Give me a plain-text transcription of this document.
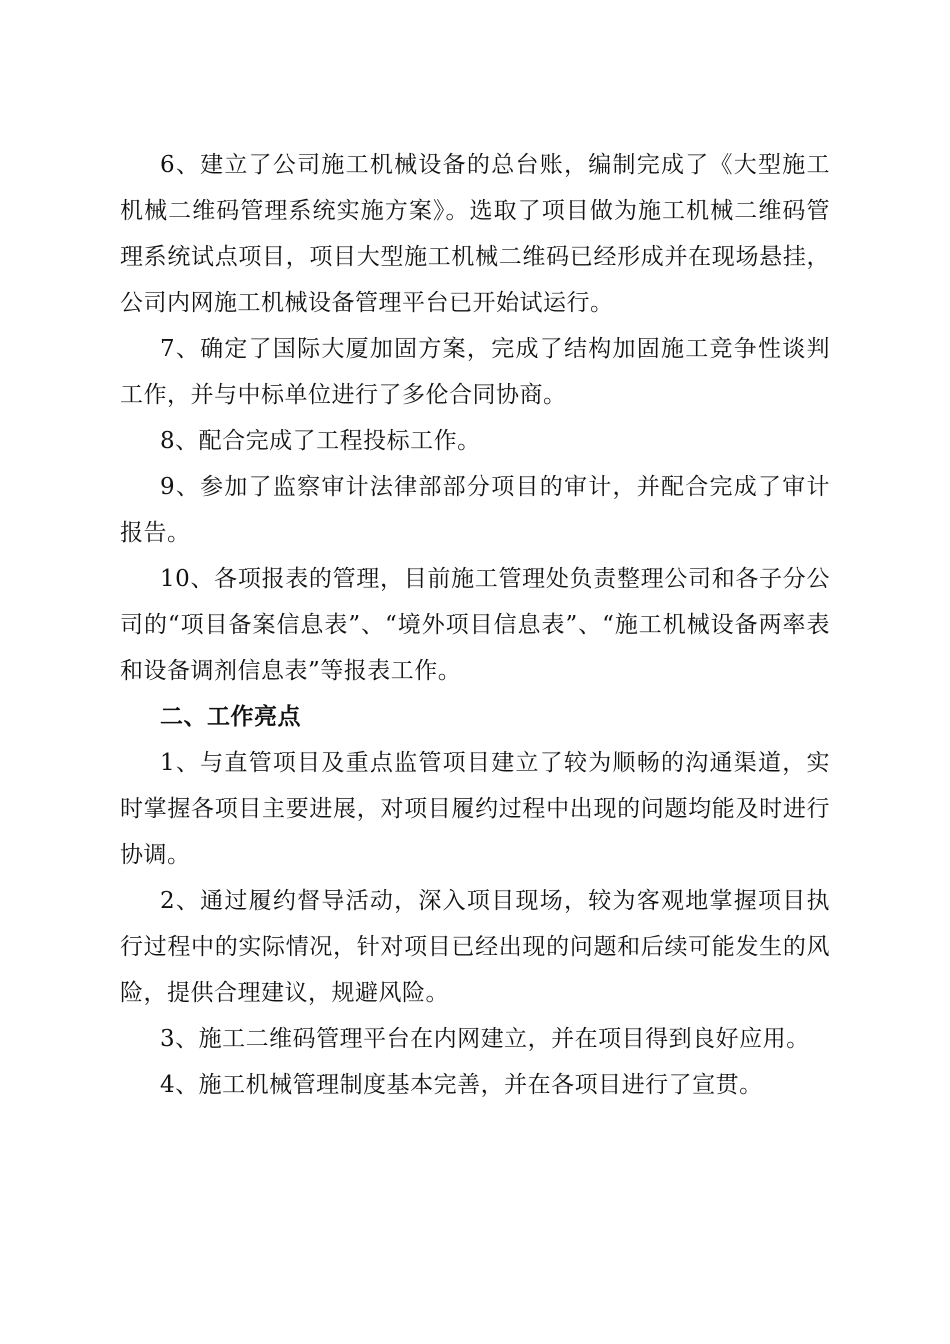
6、建立了公司施工机械设备的总台账，编制完成了《大型施工机械二维码管理系统实施方案》。选取了项目做为施工机械二维码管理系统试点项目，项目大型施工机械二维码已经形成并在现场悬挂，公司内网施工机械设备管理平台已开始试运行。

7、确定了国际大厦加固方案，完成了结构加固施工竞争性谈判工作，并与中标单位进行了多伦合同协商。

8、配合完成了工程投标工作。

9、参加了监察审计法律部部分项目的审计，并配合完成了审计报告。

10、各项报表的管理，目前施工管理处负责整理公司和各子分公司的“项目备案信息表”、“境外项目信息表”、“施工机械设备两率表和设备调剂信息表”等报表工作。

二、工作亮点

1、与直管项目及重点监管项目建立了较为顺畅的沟通渠道，实时掌握各项目主要进展，对项目履约过程中出现的问题均能及时进行协调。

2、通过履约督导活动，深入项目现场，较为客观地掌握项目执行过程中的实际情况，针对项目已经出现的问题和后续可能发生的风险，提供合理建议，规避风险。

3、施工二维码管理平台在内网建立，并在项目得到良好应用。

4、施工机械管理制度基本完善，并在各项目进行了宣贯。
